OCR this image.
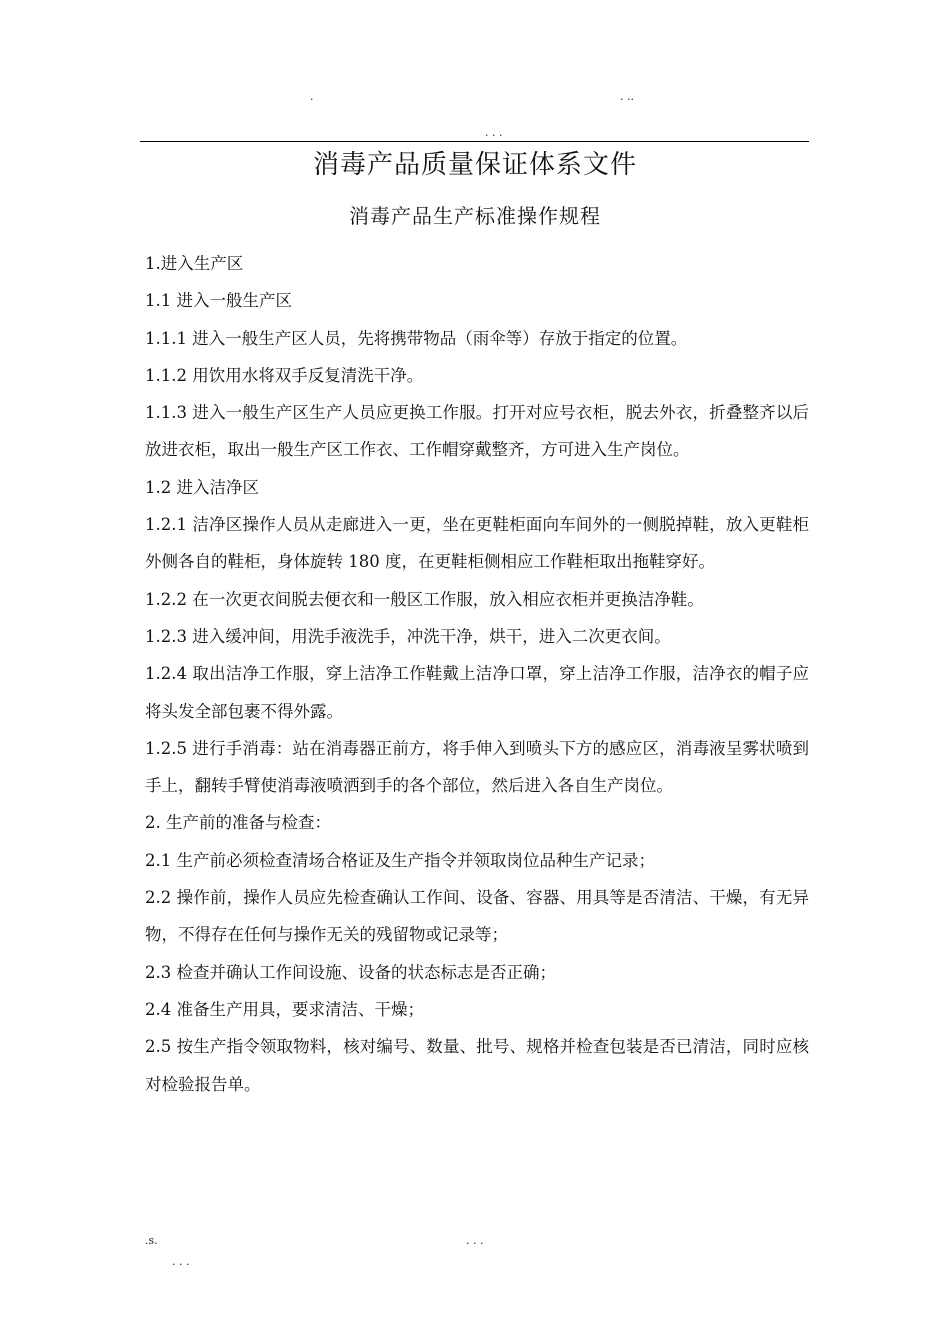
.	. ..
. . .
消毒产品质量保证体系文件
消毒产品生产标准操作规程

1.进入生产区

1.1 进入一般生产区

1.1.1 进入一般生产区人员，先将携带物品（雨伞等）存放于指定的位置。

1.1.2 用饮用水将双手反复清洗干净。

1.1.3 进入一般生产区生产人员应更换工作服。打开对应号衣柜，脱去外衣，折叠整齐以后放进衣柜，取出一般生产区工作衣、工作帽穿戴整齐，方可进入生产岗位。

1.2 进入洁净区

1.2.1 洁净区操作人员从走廊进入一更，坐在更鞋柜面向车间外的一侧脱掉鞋，放入更鞋柜外侧各自的鞋柜，身体旋转 180 度，在更鞋柜侧相应工作鞋柜取出拖鞋穿好。

1.2.2 在一次更衣间脱去便衣和一般区工作服，放入相应衣柜并更换洁净鞋。

1.2.3 进入缓冲间，用洗手液洗手，冲洗干净，烘干，进入二次更衣间。

1.2.4 取出洁净工作服，穿上洁净工作鞋戴上洁净口罩，穿上洁净工作服，洁净衣的帽子应将头发全部包裹不得外露。

1.2.5 进行手消毒：站在消毒器正前方，将手伸入到喷头下方的感应区，消毒液呈雾状喷到手上，翻转手臂使消毒液喷洒到手的各个部位，然后进入各自生产岗位。

2. 生产前的准备与检查：

2.1 生产前必须检查清场合格证及生产指令并领取岗位品种生产记录；

2.2 操作前，操作人员应先检查确认工作间、设备、容器、用具等是否清洁、干燥，有无异物，不得存在任何与操作无关的残留物或记录等；

2.3 检查并确认工作间设施、设备的状态标志是否正确；

2.4 准备生产用具，要求清洁、干燥；

2.5 按生产指令领取物料，核对编号、数量、批号、规格并检查包装是否已清洁，同时应核对检验报告单。

.s.	. . .
. . .
